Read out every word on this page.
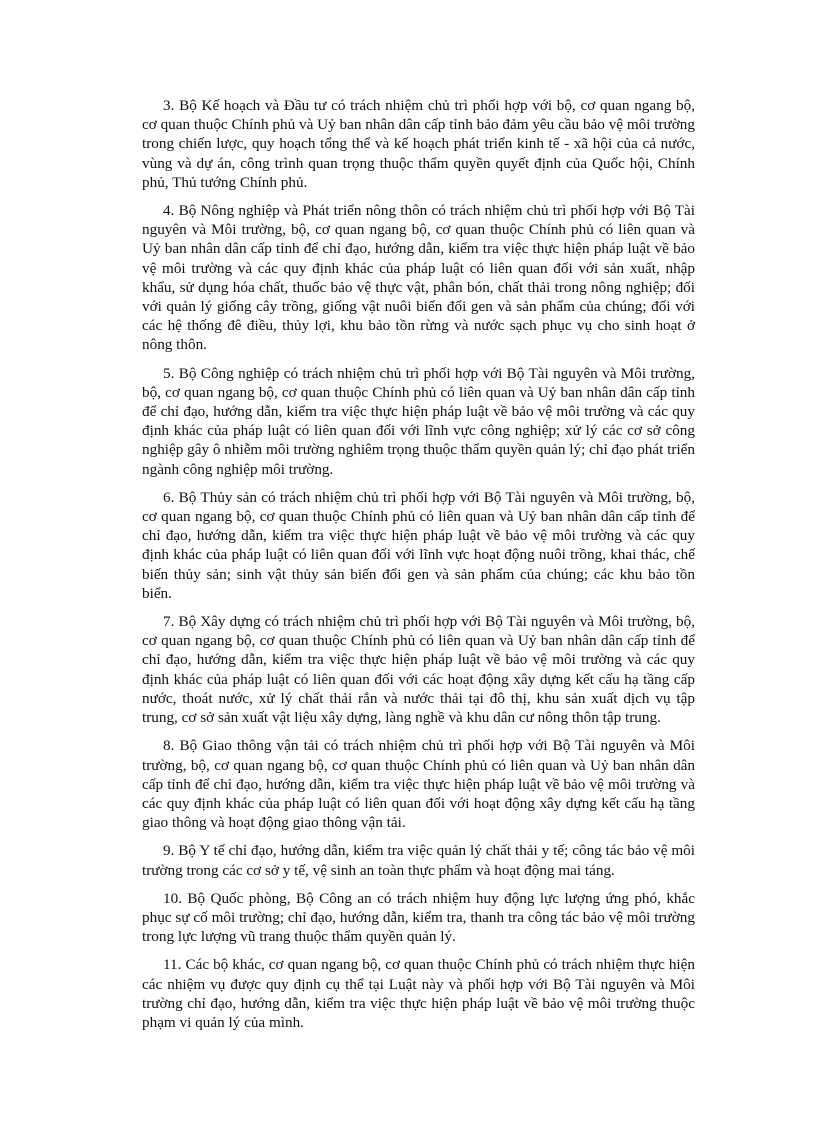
3. Bộ Kế hoạch và Đầu tư có trách nhiệm chủ trì phối hợp với bộ, cơ quan ngang bộ, cơ quan thuộc Chính phủ và Uỷ ban nhân dân cấp tỉnh bảo đảm yêu cầu bảo vệ môi trường trong chiến lược, quy hoạch tổng thể và kế hoạch phát triển kinh tế - xã hội của cả nước, vùng và dự án, công trình quan trọng thuộc thẩm quyền quyết định của Quốc hội, Chính phủ, Thủ tướng Chính phủ.

4. Bộ Nông nghiệp và Phát triển nông thôn có trách nhiệm chủ trì phối hợp với Bộ Tài nguyên và Môi trường, bộ, cơ quan ngang bộ, cơ quan thuộc Chính phủ có liên quan và Uỷ ban nhân dân cấp tỉnh để chỉ đạo, hướng dẫn, kiểm tra việc thực hiện pháp luật về bảo vệ môi trường và các quy định khác của pháp luật có liên quan đối với sản xuất, nhập khẩu, sử dụng hóa chất, thuốc bảo vệ thực vật, phân bón, chất thải trong nông nghiệp; đối với quản lý giống cây trồng, giống vật nuôi biến đổi gen và sản phẩm của chúng; đối với các hệ thống đê điều, thủy lợi, khu bảo tồn rừng và nước sạch phục vụ cho sinh hoạt ở nông thôn.

5. Bộ Công nghiệp có trách nhiệm chủ trì phối hợp với Bộ Tài nguyên và Môi trường, bộ, cơ quan ngang bộ, cơ quan thuộc Chính phủ có liên quan và Uỷ ban nhân dân cấp tỉnh để chỉ đạo, hướng dẫn, kiểm tra việc thực hiện pháp luật về bảo vệ môi trường và các quy định khác của pháp luật có liên quan đối với lĩnh vực công nghiệp; xử lý các cơ sở công nghiệp gây ô nhiễm môi trường nghiêm trọng thuộc thẩm quyền quản lý; chỉ đạo phát triển ngành công nghiệp môi trường.

6. Bộ Thủy sản có trách nhiệm chủ trì phối hợp với Bộ Tài nguyên và Môi trường, bộ, cơ quan ngang bộ, cơ quan thuộc Chính phủ có liên quan và Uỷ ban nhân dân cấp tỉnh để chỉ đạo, hướng dẫn, kiểm tra việc thực hiện pháp luật về bảo vệ môi trường và các quy định khác của pháp luật có liên quan đối với lĩnh vực hoạt động nuôi trồng, khai thác, chế biến thủy sản; sinh vật thủy sản biến đổi gen và sản phẩm của chúng; các khu bảo tồn biển.

7. Bộ Xây dựng có trách nhiệm chủ trì phối hợp với Bộ Tài nguyên và Môi trường, bộ, cơ quan ngang bộ, cơ quan thuộc Chính phủ có liên quan và Uỷ ban nhân dân cấp tỉnh để chỉ đạo, hướng dẫn, kiểm tra việc thực hiện pháp luật về bảo vệ môi trường và các quy định khác của pháp luật có liên quan đối với các hoạt động xây dựng kết cấu hạ tầng cấp nước, thoát nước, xử lý chất thải rắn và nước thải tại đô thị, khu sản xuất dịch vụ tập trung, cơ sở sản xuất vật liệu xây dựng, làng nghề và khu dân cư nông thôn tập trung.

8. Bộ Giao thông vận tải có trách nhiệm chủ trì phối hợp với Bộ Tài nguyên và Môi trường, bộ, cơ quan ngang bộ, cơ quan thuộc Chính phủ có liên quan và Uỷ ban nhân dân cấp tỉnh để chỉ đạo, hướng dẫn, kiểm tra việc thực hiện pháp luật về bảo vệ môi trường và các quy định khác của pháp luật có liên quan đối với hoạt động xây dựng kết cấu hạ tầng giao thông và hoạt động giao thông vận tải.

9. Bộ Y tế chỉ đạo, hướng dẫn, kiểm tra việc quản lý chất thải y tế; công tác bảo vệ môi trường trong các cơ sở y tế, vệ sinh an toàn thực phẩm và hoạt động mai táng.

10. Bộ Quốc phòng, Bộ Công an có trách nhiệm huy động lực lượng ứng phó, khắc phục sự cố môi trường; chỉ đạo, hướng dẫn, kiểm tra, thanh tra công tác bảo vệ môi trường trong lực lượng vũ trang thuộc thẩm quyền quản lý.

11. Các bộ khác, cơ quan ngang bộ, cơ quan thuộc Chính phủ có trách nhiệm thực hiện các nhiệm vụ được quy định cụ thể tại Luật này và phối hợp với Bộ Tài nguyên và Môi trường chỉ đạo, hướng dẫn, kiểm tra việc thực hiện pháp luật về bảo vệ môi trường thuộc phạm vi quản lý của mình.
